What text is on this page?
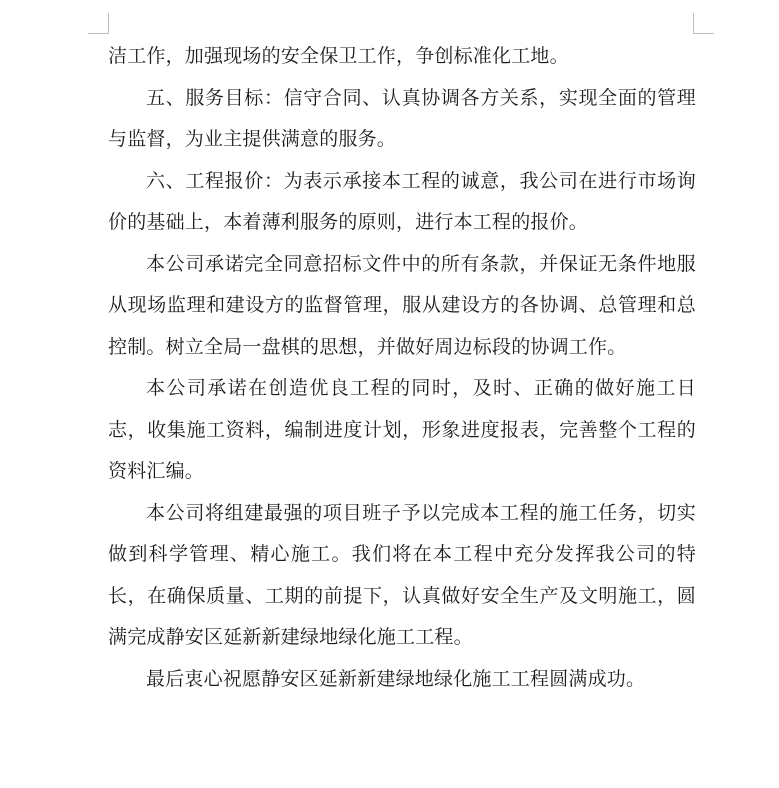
洁工作，加强现场的安全保卫工作，争创标准化工地。

五、服务目标：信守合同、认真协调各方关系，实现全面的管理与监督，为业主提供满意的服务。

六、工程报价：为表示承接本工程的诚意，我公司在进行市场询价的基础上，本着薄利服务的原则，进行本工程的报价。

本公司承诺完全同意招标文件中的所有条款，并保证无条件地服从现场监理和建设方的监督管理，服从建设方的各协调、总管理和总控制。树立全局一盘棋的思想，并做好周边标段的协调工作。

本公司承诺在创造优良工程的同时，及时、正确的做好施工日志，收集施工资料，编制进度计划，形象进度报表，完善整个工程的资料汇编。

本公司将组建最强的项目班子予以完成本工程的施工任务，切实做到科学管理、精心施工。我们将在本工程中充分发挥我公司的特长，在确保质量、工期的前提下，认真做好安全生产及文明施工，圆满完成静安区延新新建绿地绿化施工工程。

最后衷心祝愿静安区延新新建绿地绿化施工工程圆满成功。
